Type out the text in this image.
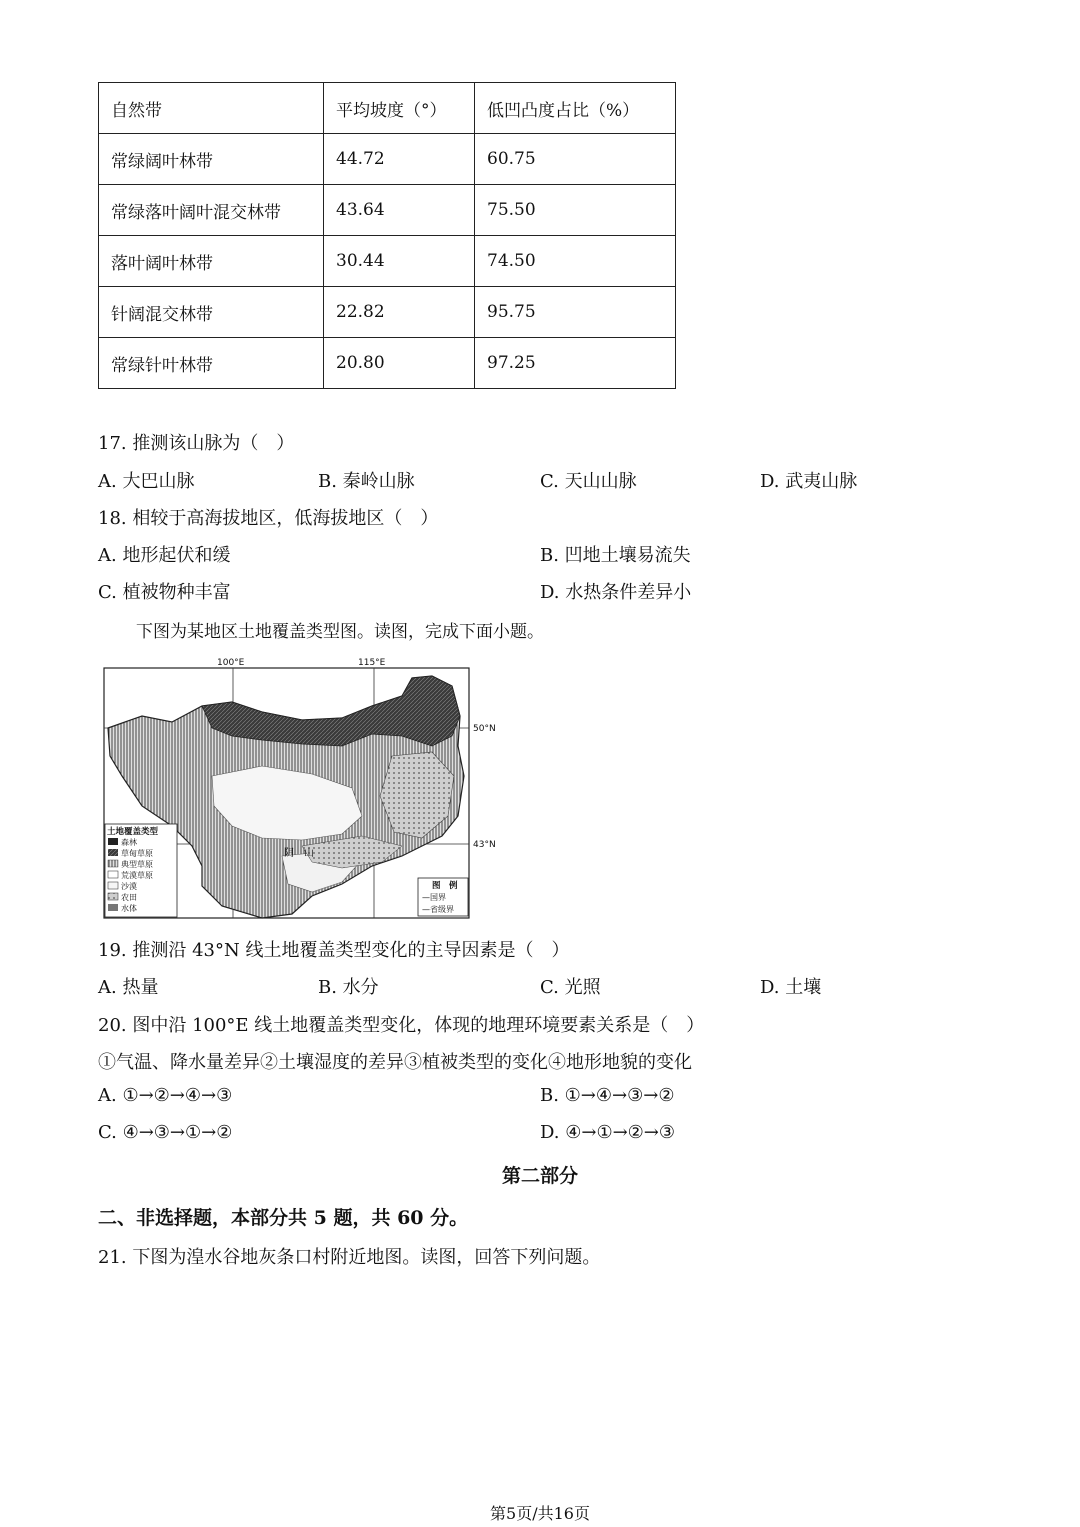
自然带	平均坡度（°）	低凹凸度占比（%）
常绿阔叶林带	44.72	60.75
常绿落叶阔叶混交林带	43.64	75.50
落叶阔叶林带	30.44	74.50
针阔混交林带	22.82	95.75
常绿针叶林带	20.80	97.25
17. 推测该山脉为（　）
A. 大巴山脉	B. 秦岭山脉	C. 天山山脉	D. 武夷山脉
18. 相较于高海拔地区，低海拔地区（　）
A. 地形起伏和缓	B. 凹地土壤易流失
C. 植被物种丰富	D. 水热条件差异小
下图为某地区土地覆盖类型图。读图，完成下面小题。
阴　山
100°E	115°E
50°N
43°N
土地覆盖类型
森林
草甸草原
典型草原
荒漠草原
沙漠
农田
水体
图　例
—国界
—省级界
19. 推测沿 43°N 线土地覆盖类型变化的主导因素是（　）
A. 热量	B. 水分	C. 光照	D. 土壤
20. 图中沿 100°E 线土地覆盖类型变化，体现的地理环境要素关系是（　）
①气温、降水量差异②土壤湿度的差异③植被类型的变化④地形地貌的变化
A. ①→②→④→③	B. ①→④→③→②
C. ④→③→①→②	D. ④→①→②→③
第二部分
二、非选择题，本部分共 5 题，共 60 分。
21. 下图为湟水谷地灰条口村附近地图。读图，回答下列问题。
第5页/共16页
